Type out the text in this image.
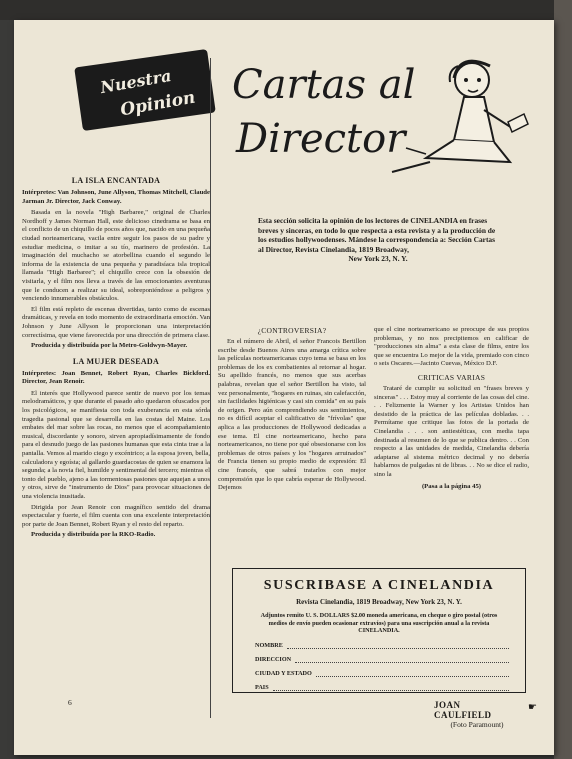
Nuestra
Opinion
LA ISLA ENCANTADA

Intérpretes: Van Johnson, June Allyson, Thomas Mitchell, Claude Jarman Jr. Director, Jack Conway.

Basada en la novela "High Barbaree," original de Charles Nordhoff y James Norman Hall, este delicioso cinedrama se basa en el conflicto de un chiquillo de pocos años que, nacido en una pequeña ciudad norteamericana, vacila entre seguir los pasos de su padre y estudiar medicina, o imitar a su tío, marinero de profesión. La imaginación del muchacho se atorbellina cuando el segundo le informa de la existencia de una pequeña y paradisíaca isla tropical llamada "High Barbaree"; el chiquillo crece con la obsesión de visitarla, y el film nos lleva a través de las emocionantes aventuras que le conducen a realizar su ideal, sobreponiéndose a peligros y venciendo innumerables obstáculos.

El film está repleto de escenas divertidas, tanto como de escenas dramáticas, y revela en todo momento de extraordinaria emoción. Van Johnson y June Allyson le proporcionan una interpretación correctísima, que viene favorecida por una dirección de primera clase.

Producida y distribuída por la Metro-Goldwyn-Mayer.

LA MUJER DESEADA

Intérpretes: Joan Bennet, Robert Ryan, Charles Bickford. Director, Jean Renoir.

El interés que Hollywood parece sentir de nuevo por los temas melodramáticos, y que durante el pasado año quedaron ofuscados por los psicológicos, se manifiesta con toda exuberancia en esta sórda tragedia pasional que se desarrolla en las costas del Maine. Los embates del mar sobre las rocas, no menos que el acompañamiento musical, discordante y sonoro, sirven apropiadísimamente de fondo para el desnudo juego de las pasiones humanas que esta cinta trae a la pantalla. Vemos al marido ciego y excéntrico; a la esposa joven, bella, calculadora y egoísta; al gallardo guardacostas de quien se enamora la segunda; a la novia fiel, humilde y sentimental del tercero; mientras el tonto del pueblo, ajeno a las tormentosas pasiones que aquejan a unos y otros, sirve de "instrumento de Dios" para provocar situaciones de una violencia inusitada.

Dirigida por Jean Renoir con magnífico sentido del drama espectacular y fuerte, el film cuenta con una excelente interpretación por parte de Joan Bennet, Robert Ryan y el resto del reparto.

Producida y distribuída por la RKO-Radio.

6
Cartas al
Director
Esta sección solicita la opinión de los lectores de CINELANDIA en frases breves y sinceras, en todo lo que respecta a esta revista y a la producción de los estudios hollywoodenses. Mándese la correspondencia a: Sección Cartas al Director, Revista Cinelandia, 1819 Broadway,
New York 23, N. Y.
¿CONTROVERSIA?

En el número de Abril, el señor Francois Bertillon escribe desde Buenos Aires una amarga crítica sobre las películas norteamericanas cuyo tema se basa en los problemas de los ex combatientes al retornar al hogar. Su apellido francés, no menos que sus acerbas palabras, revelan que el señor Bertillon ha visto, tal vez personalmente, "hogares en ruinas, sin calefacción, sin facilidades higiénicas y casi sin comida" en su país de origen. Pero aún comprendiendo sus sentimientos, no es difícil aceptar el calificativo de "frívolas" que aplica a las producciones de Hollywood dedicadas a ese tema. El cine norteamericano, hecho para norteamericanos, no tiene por qué obsesionarse con los problemas de otros países y los "hogares arruinados" de Francia tienen su propio medio de expresión: El cine francés, que sabrá tratarlos con mejor comprensión que lo que cabría esperar de Hollywood. Dejemos

que el cine norteamericano se preocupe de sus propios problemas, y no nos precipitemos en calificar de "producciones sin alma" a esta clase de films, entre los que se encuentra Lo mejor de la vida, premiado con cinco o seis Oscares.—Jacinto Cuevas, México D.F.

CRITICAS VARIAS

Trataré de cumplir su solicitud en "frases breves y sinceras" . . . Estoy muy al corriente de las cosas del cine. . . Felizmente la Warner y los Artistas Unidos han desistido de la práctica de las películas dobladas. . . Permítame que critique las fotos de la portada de Cinelandia . . . son antiestéticas, con media tapa destinada al resumen de lo que se publica dentro. . . Con respecto a las unidades de medida, Cinelandia debería adaptarse al sistema métrico decimal y no debería hablarnos de pulgadas ni de libras. . . No se dice el radio, sino la

(Pasa a la página 45)
SUSCRIBASE A CINELANDIA
Revista Cinelandia, 1819 Broadway, New York 23, N. Y.
Adjuntos remito U. S. DOLLARS $2.00 moneda americana, en cheque o giro postal (otros medios de envío pueden ocasionar extravíos) para una suscripción anual a la revista CINELANDIA.
NOMBRE
DIRECCION
CIUDAD Y ESTADO
PAIS
JOAN CAULFIELD
(Foto Paramount)
☛
